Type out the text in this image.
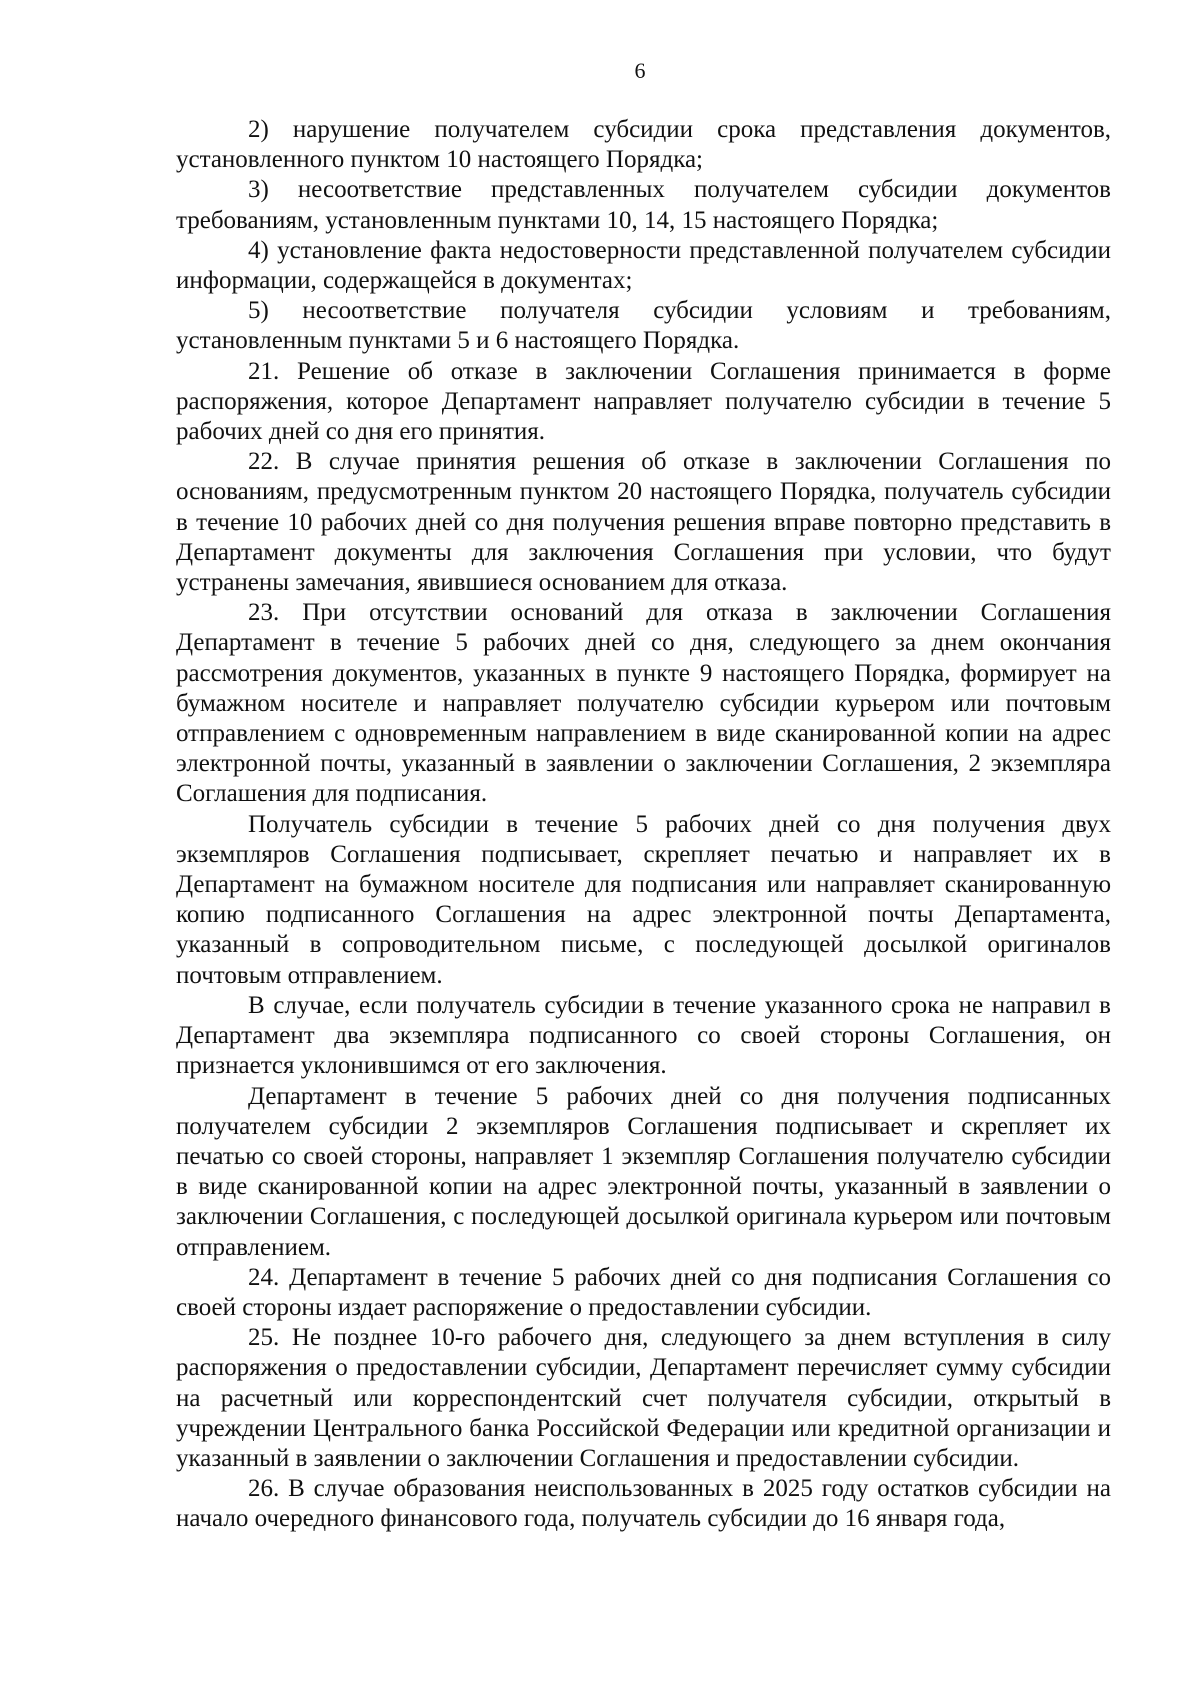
6

2) нарушение получателем субсидии срока представления документов, установленного пунктом 10 настоящего Порядка;

3) несоответствие представленных получателем субсидии документов требованиям, установленным пунктами 10, 14, 15 настоящего Порядка;

4) установление факта недостоверности представленной получателем субсидии информации, содержащейся в документах;

5) несоответствие получателя субсидии условиям и требованиям, установленным пунктами 5 и 6 настоящего Порядка.

21. Решение об отказе в заключении Соглашения принимается в форме распоряжения, которое Департамент направляет получателю субсидии в течение 5 рабочих дней со дня его принятия.

22. В случае принятия решения об отказе в заключении Соглашения по основаниям, предусмотренным пунктом 20 настоящего Порядка, получатель субсидии в течение 10 рабочих дней со дня получения решения вправе повторно представить в Департамент документы для заключения Соглашения при условии, что будут устранены замечания, явившиеся основанием для отказа.

23. При отсутствии оснований для отказа в заключении Соглашения Департамент в течение 5 рабочих дней со дня, следующего за днем окончания рассмотрения документов, указанных в пункте 9 настоящего Порядка, формирует на бумажном носителе и направляет получателю субсидии курьером или почтовым отправлением с одновременным направлением в виде сканированной копии на адрес электронной почты, указанный в заявлении о заключении Соглашения, 2 экземпляра Соглашения для подписания.

Получатель субсидии в течение 5 рабочих дней со дня получения двух экземпляров Соглашения подписывает, скрепляет печатью и направляет их в Департамент на бумажном носителе для подписания или направляет сканированную копию подписанного Соглашения на адрес электронной почты Департамента, указанный в сопроводительном письме, с последующей досылкой оригиналов почтовым отправлением.

В случае, если получатель субсидии в течение указанного срока не направил в Департамент два экземпляра подписанного со своей стороны Соглашения, он признается уклонившимся от его заключения.

Департамент в течение 5 рабочих дней со дня получения подписанных получателем субсидии 2 экземпляров Соглашения подписывает и скрепляет их печатью со своей стороны, направляет 1 экземпляр Соглашения получателю субсидии в виде сканированной копии на адрес электронной почты, указанный в заявлении о заключении Соглашения, с последующей досылкой оригинала курьером или почтовым отправлением.

24. Департамент в течение 5 рабочих дней со дня подписания Соглашения со своей стороны издает распоряжение о предоставлении субсидии.

25. Не позднее 10-го рабочего дня, следующего за днем вступления в силу распоряжения о предоставлении субсидии, Департамент перечисляет сумму субсидии на расчетный или корреспондентский счет получателя субсидии, открытый в учреждении Центрального банка Российской Федерации или кредитной организации и указанный в заявлении о заключении Соглашения и предоставлении субсидии.

26. В случае образования неиспользованных в 2025 году остатков субсидии на начало очередного финансового года, получатель субсидии до 16 января года,
